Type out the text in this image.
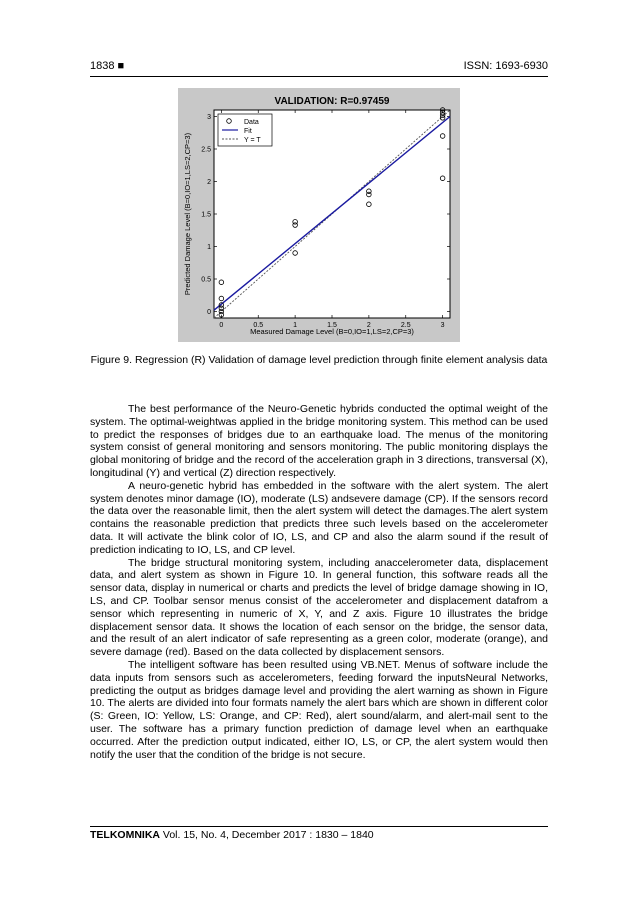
1838 ■	ISSN: 1693-6930
VALIDATION: R=0.97459
Measured Damage Level (B=0,IO=1,LS=2,CP=3)
Predicted Damage Level (B=0,IO=1,LS=2,CP=3)
0	0.5	1	1.5	2	2.5	3
0
0.5
1
1.5
2
2.5
3
Data
Fit
Y = T
Figure 9. Regression (R) Validation of damage level prediction through finite element analysis data

The best performance of the Neuro-Genetic hybrids conducted the optimal weight of the system. The optimal-weightwas applied in the bridge monitoring system. This method can be used to predict the responses of bridges due to an earthquake load. The menus of the monitoring system consist of general monitoring and sensors monitoring. The public monitoring displays the global monitoring of bridge and the record of the acceleration graph in 3 directions, transversal (X), longitudinal (Y) and vertical (Z) direction respectively.

A neuro-genetic hybrid has embedded in the software with the alert system. The alert system denotes minor damage (IO), moderate (LS) andsevere damage (CP). If the sensors record the data over the reasonable limit, then the alert system will detect the damages.The alert system contains the reasonable prediction that predicts three such levels based on the accelerometer data. It will activate the blink color of IO, LS, and CP and also the alarm sound if the result of prediction indicating to IO, LS, and CP level.

The bridge structural monitoring system, including anaccelerometer data, displacement data, and alert system as shown in Figure 10. In general function, this software reads all the sensor data, display in numerical or charts and predicts the level of bridge damage showing in IO, LS, and CP. Toolbar sensor menus consist of the accelerometer and displacement datafrom a sensor which representing in numeric of X, Y, and Z axis. Figure 10 illustrates the bridge displacement sensor data. It shows the location of each sensor on the bridge, the sensor data, and the result of an alert indicator of safe representing as a green color, moderate (orange), and severe damage (red). Based on the data collected by displacement sensors.

The intelligent software has been resulted using VB.NET. Menus of software include the data inputs from sensors such as accelerometers, feeding forward the inputsNeural Networks, predicting the output as bridges damage level and providing the alert warning as shown in Figure 10. The alerts are divided into four formats namely the alert bars which are shown in different color (S: Green, IO: Yellow, LS: Orange, and CP: Red), alert sound/alarm, and alert-mail sent to the user. The software has a primary function prediction of damage level when an earthquake occurred. After the prediction output indicated, either IO, LS, or CP, the alert system would then notify the user that the condition of the bridge is not secure.

TELKOMNIKA Vol. 15, No. 4, December 2017 : 1830 – 1840
